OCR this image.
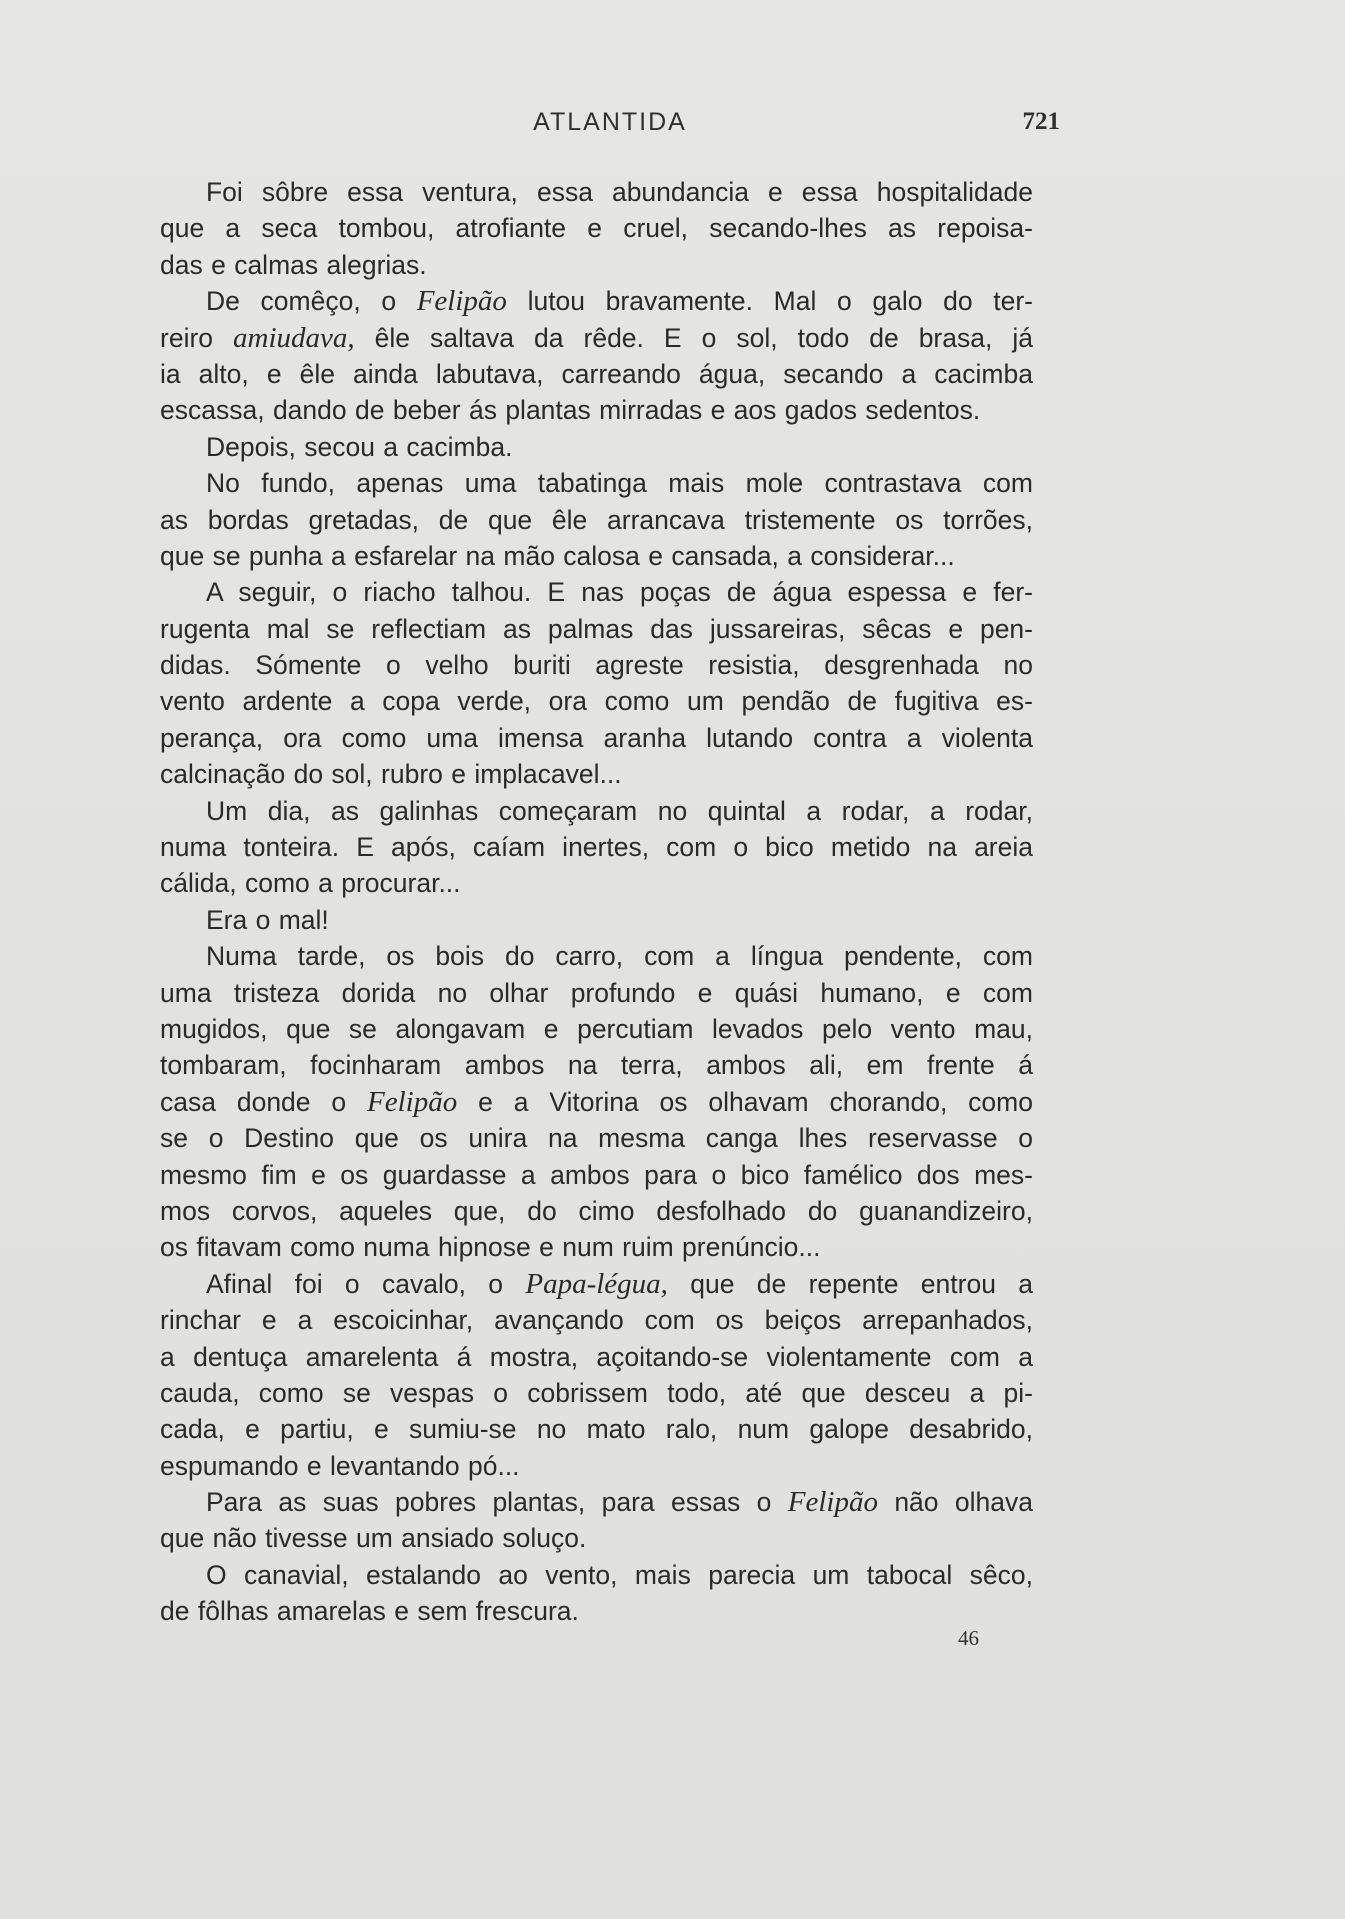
ATLANTIDA	721
Foi sôbre essa ventura, essa abundancia e essa hospitalidade
que a seca tombou, atrofiante e cruel, secando-lhes as repoisa-
das e calmas alegrias.
De comêço, o Felipão lutou bravamente. Mal o galo do ter-
reiro amiudava, êle saltava da rêde. E o sol, todo de brasa, já
ia alto, e êle ainda labutava, carreando água, secando a cacimba
escassa, dando de beber ás plantas mirradas e aos gados sedentos.
Depois, secou a cacimba.
No fundo, apenas uma tabatinga mais mole contrastava com
as bordas gretadas, de que êle arrancava tristemente os torrões,
que se punha a esfarelar na mão calosa e cansada, a considerar...
A seguir, o riacho talhou. E nas poças de água espessa e fer-
rugenta mal se reflectiam as palmas das jussareiras, sêcas e pen-
didas. Sómente o velho buriti agreste resistia, desgrenhada no
vento ardente a copa verde, ora como um pendão de fugitiva es-
perança, ora como uma imensa aranha lutando contra a violenta
calcinação do sol, rubro e implacavel...
Um dia, as galinhas começaram no quintal a rodar, a rodar,
numa tonteira. E após, caíam inertes, com o bico metido na areia
cálida, como a procurar...
Era o mal!
Numa tarde, os bois do carro, com a língua pendente, com
uma tristeza dorida no olhar profundo e quási humano, e com
mugidos, que se alongavam e percutiam levados pelo vento mau,
tombaram, focinharam ambos na terra, ambos ali, em frente á
casa donde o Felipão e a Vitorina os olhavam chorando, como
se o Destino que os unira na mesma canga lhes reservasse o
mesmo fim e os guardasse a ambos para o bico famélico dos mes-
mos corvos, aqueles que, do cimo desfolhado do guanandizeiro,
os fitavam como numa hipnose e num ruim prenúncio...
Afinal foi o cavalo, o Papa-légua, que de repente entrou a
rinchar e a escoicinhar, avançando com os beiços arrepanhados,
a dentuça amarelenta á mostra, açoitando-se violentamente com a
cauda, como se vespas o cobrissem todo, até que desceu a pi-
cada, e partiu, e sumiu-se no mato ralo, num galope desabrido,
espumando e levantando pó...
Para as suas pobres plantas, para essas o Felipão não olhava
que não tivesse um ansiado soluço.
O canavial, estalando ao vento, mais parecia um tabocal sêco,
de fôlhas amarelas e sem frescura.
46
